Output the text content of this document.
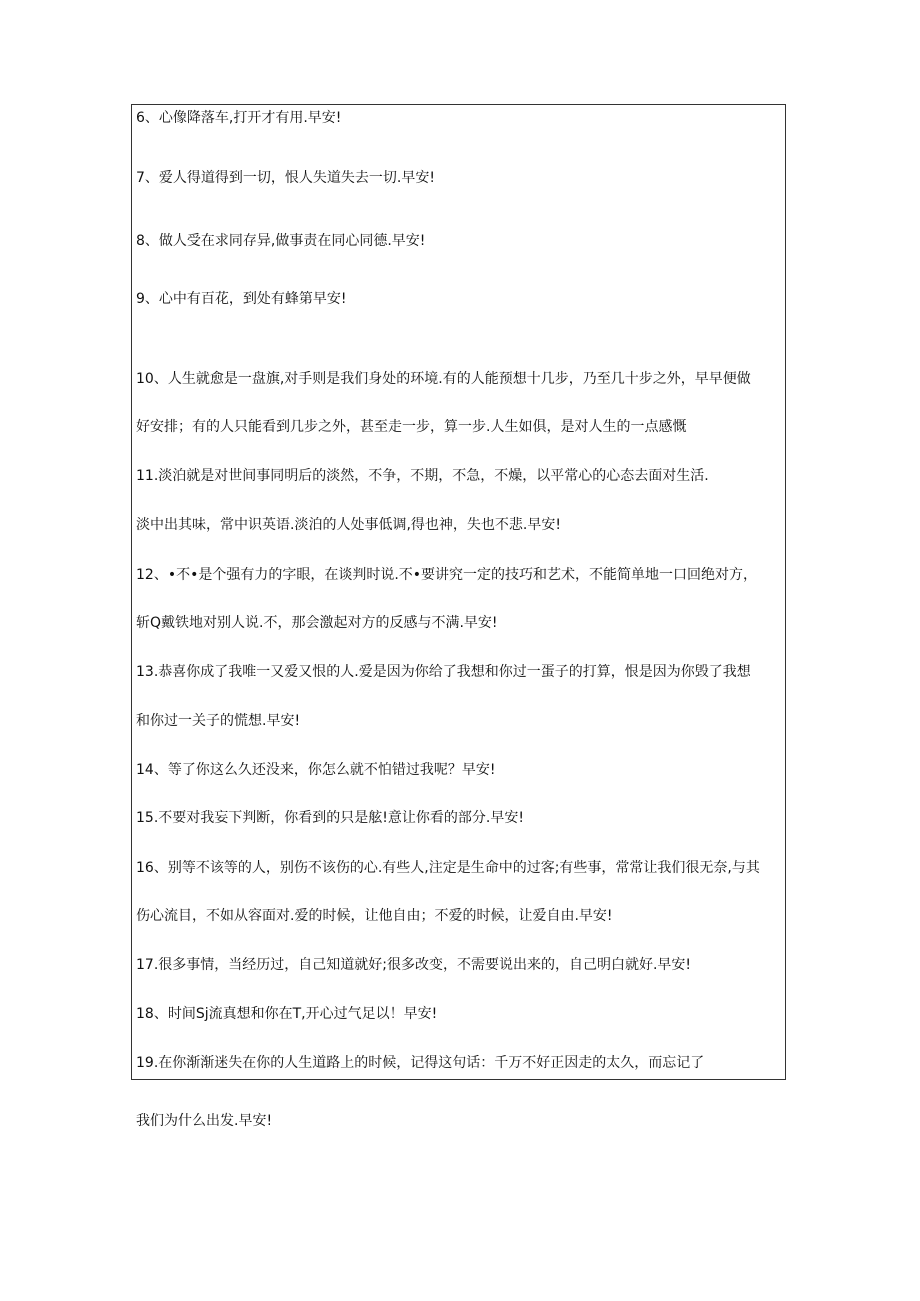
6、心像降落车,打开才有用.早安!
7、爱人得道得到一切，恨人失道失去一切.早安!
8、做人受在求同存异,做事责在同心同德.早安!
9、心中有百花，到处有蜂第早安!
10、人生就愈是一盘旗,对手则是我们身处的环境.有的人能预想十几步，乃至几十步之外，早早便做
好安排；有的人只能看到几步之外，甚至走一步，算一步.人生如俱，是对人生的一点感慨
11.淡泊就是对世间事同明后的淡然，不争，不期，不急，不燥，以平常心的心态去面对生活.
淡中出其味，常中识英语.淡泊的人处事低调,得也神，失也不悲.早安!
12、•不•是个强有力的字眼，在谈判时说.不•要讲究一定的技巧和艺术，不能简单地一口回绝对方，
斩Q戴铁地对别人说.不，那会激起对方的反感与不满.早安!
13.恭喜你成了我唯一又爱又恨的人.爱是因为你给了我想和你过一蛋子的打算，恨是因为你毁了我想
和你过一关子的慌想.早安!
14、等了你这么久还没来，你怎么就不怕错过我呢？早安!
15.不要对我妄下判断，你看到的只是舷!意让你看的部分.早安!
16、别等不该等的人，别伤不该伤的心.有些人,注定是生命中的过客;有些事，常常让我们很无奈,与其
伤心流目，不如从容面对.爱的时候，让他自由；不爱的时候，让爱自由.早安!
17.很多事情，当经历过，自己知道就好;很多改变，不需要说出来的，自己明白就好.早安!
18、时间Sj流真想和你在T,开心过气足以！早安!
19.在你渐渐迷失在你的人生道路上的时候，记得这句话：千万不好正因走的太久，而忘记了
我们为什么出发.早安!
